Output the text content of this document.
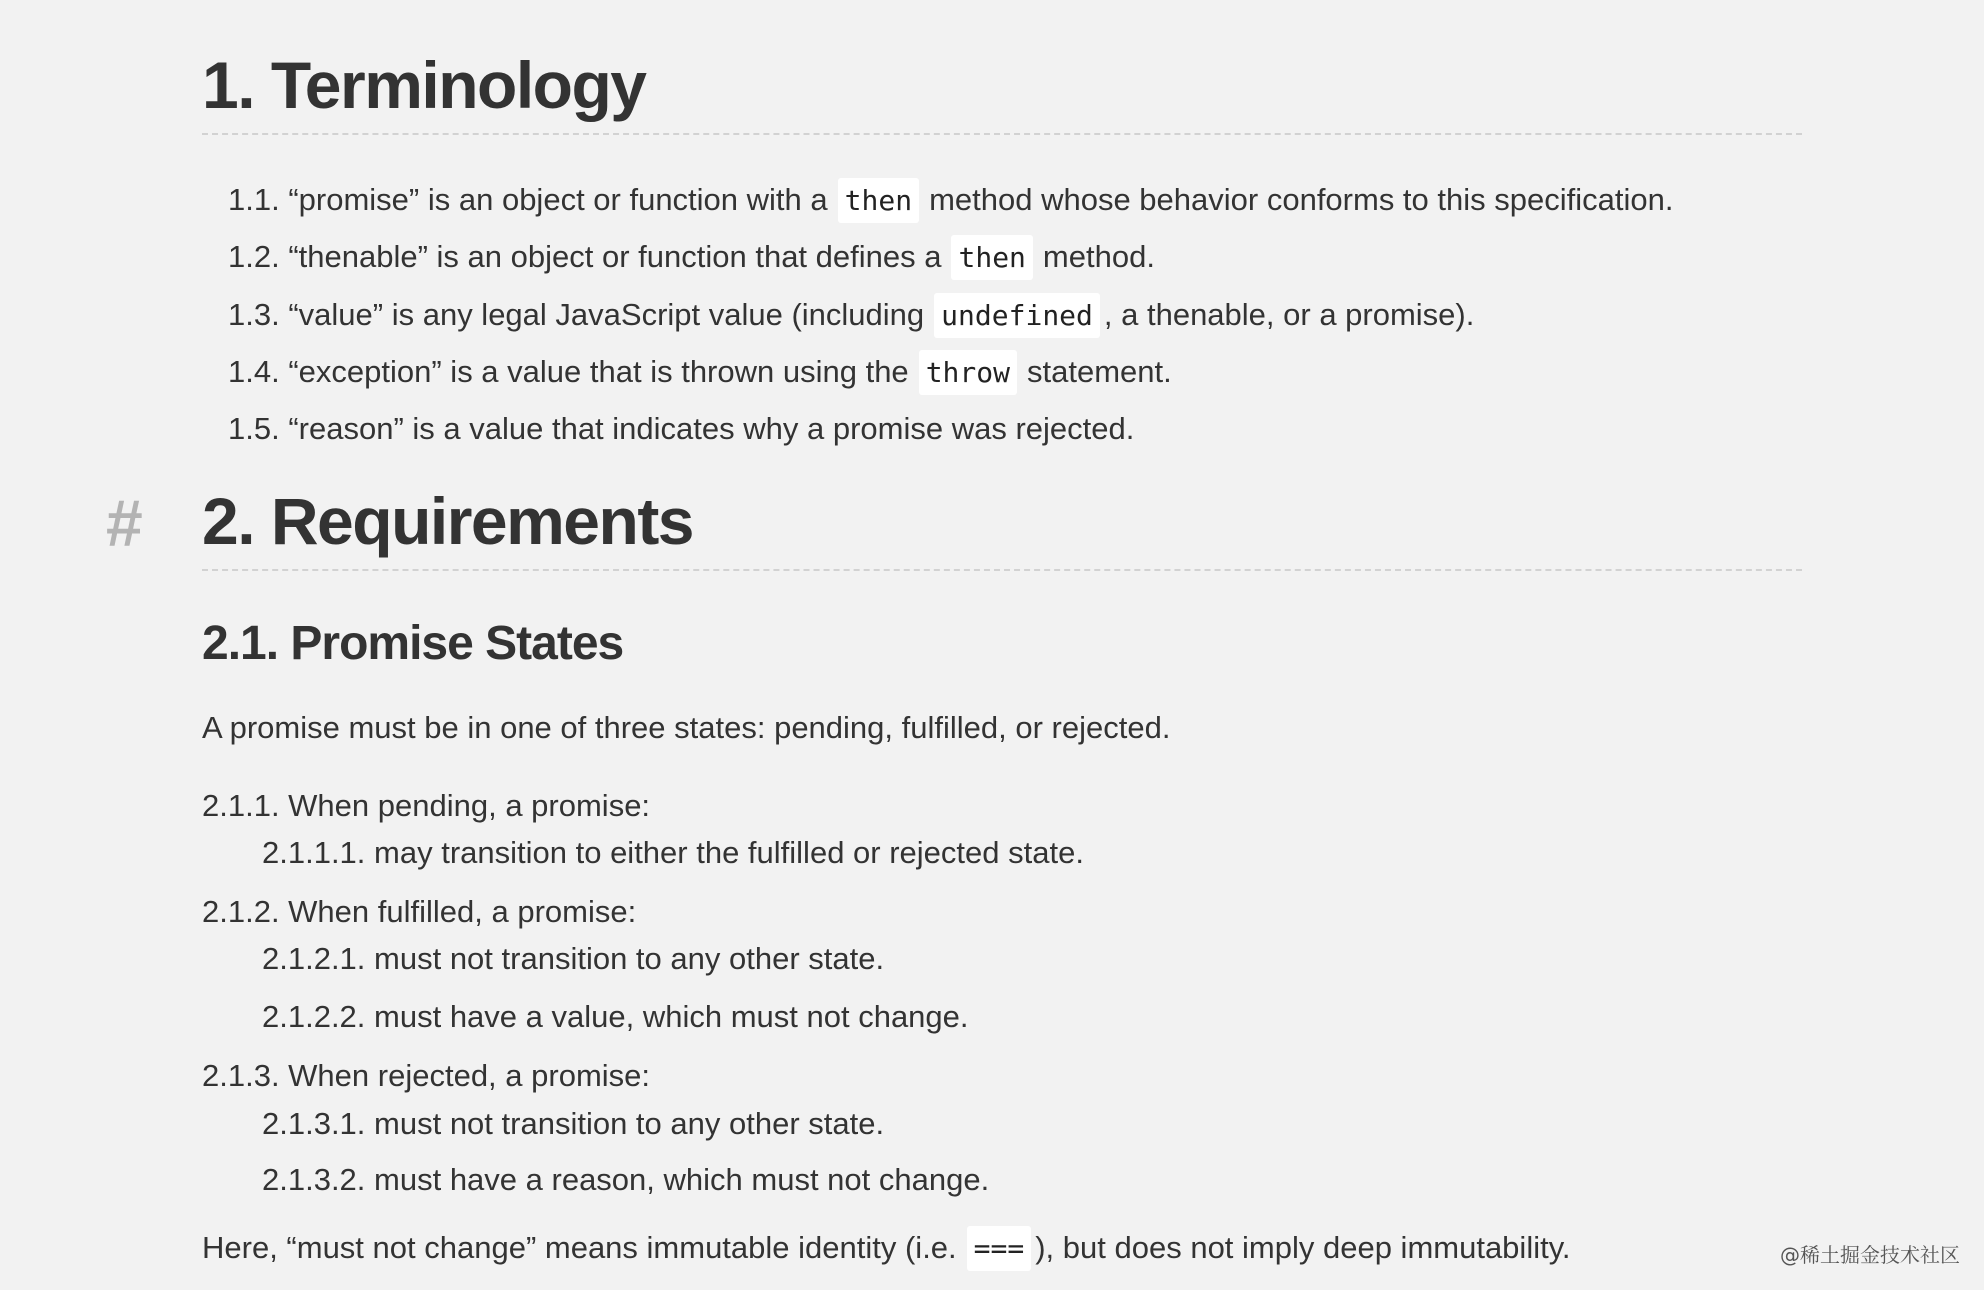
1. Terminology
1.1. “promise” is an object or function with a then method whose behavior conforms to this specification.
1.2. “thenable” is an object or function that defines a then method.
1.3. “value” is any legal JavaScript value (including undefined , a thenable, or a promise).
1.4. “exception” is a value that is thrown using the throw statement.
1.5. “reason” is a value that indicates why a promise was rejected.
# 2. Requirements
2.1. Promise States
A promise must be in one of three states: pending, fulfilled, or rejected.
2.1.1. When pending, a promise:
2.1.1.1. may transition to either the fulfilled or rejected state.
2.1.2. When fulfilled, a promise:
2.1.2.1. must not transition to any other state.
2.1.2.2. must have a value, which must not change.
2.1.3. When rejected, a promise:
2.1.3.1. must not transition to any other state.
2.1.3.2. must have a reason, which must not change.
Here, “must not change” means immutable identity (i.e. === ), but does not imply deep immutability.	@稀土掘金技术社区
